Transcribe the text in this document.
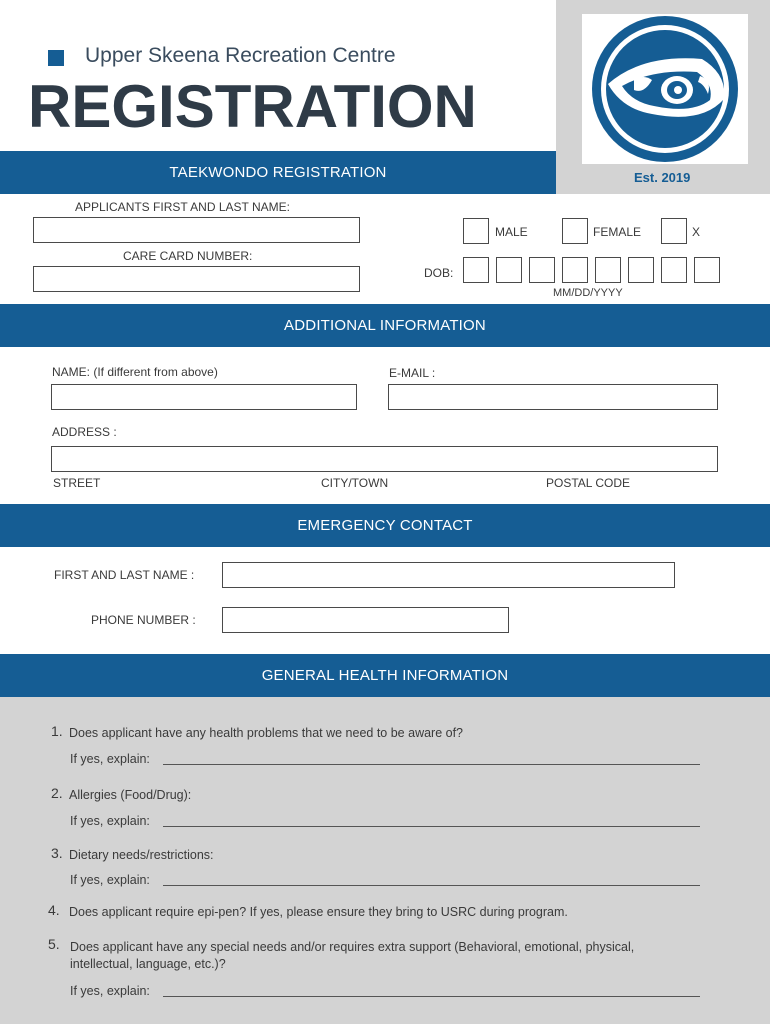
Upper Skeena Recreation Centre
REGISTRATION
Est. 2019
TAEKWONDO REGISTRATION
APPLICANTS FIRST AND LAST NAME:
CARE CARD NUMBER:
MALE	FEMALE	X
DOB:
MM/DD/YYYY
ADDITIONAL INFORMATION
NAME: (If different from above)	E-MAIL :
ADDRESS :
STREET	CITY/TOWN	POSTAL CODE
EMERGENCY CONTACT
FIRST AND LAST NAME :
PHONE NUMBER :
GENERAL HEALTH INFORMATION
1. Does applicant have any health problems that we need to be aware of?
If yes, explain:
2. Allergies (Food/Drug):
If yes, explain:
3. Dietary needs/restrictions:
If yes, explain:
4. Does applicant require epi-pen? If yes, please ensure they bring to USRC during program.
5. Does applicant have any special needs and/or requires extra support (Behavioral, emotional, physical, intellectual, language, etc.)?
If yes, explain:
